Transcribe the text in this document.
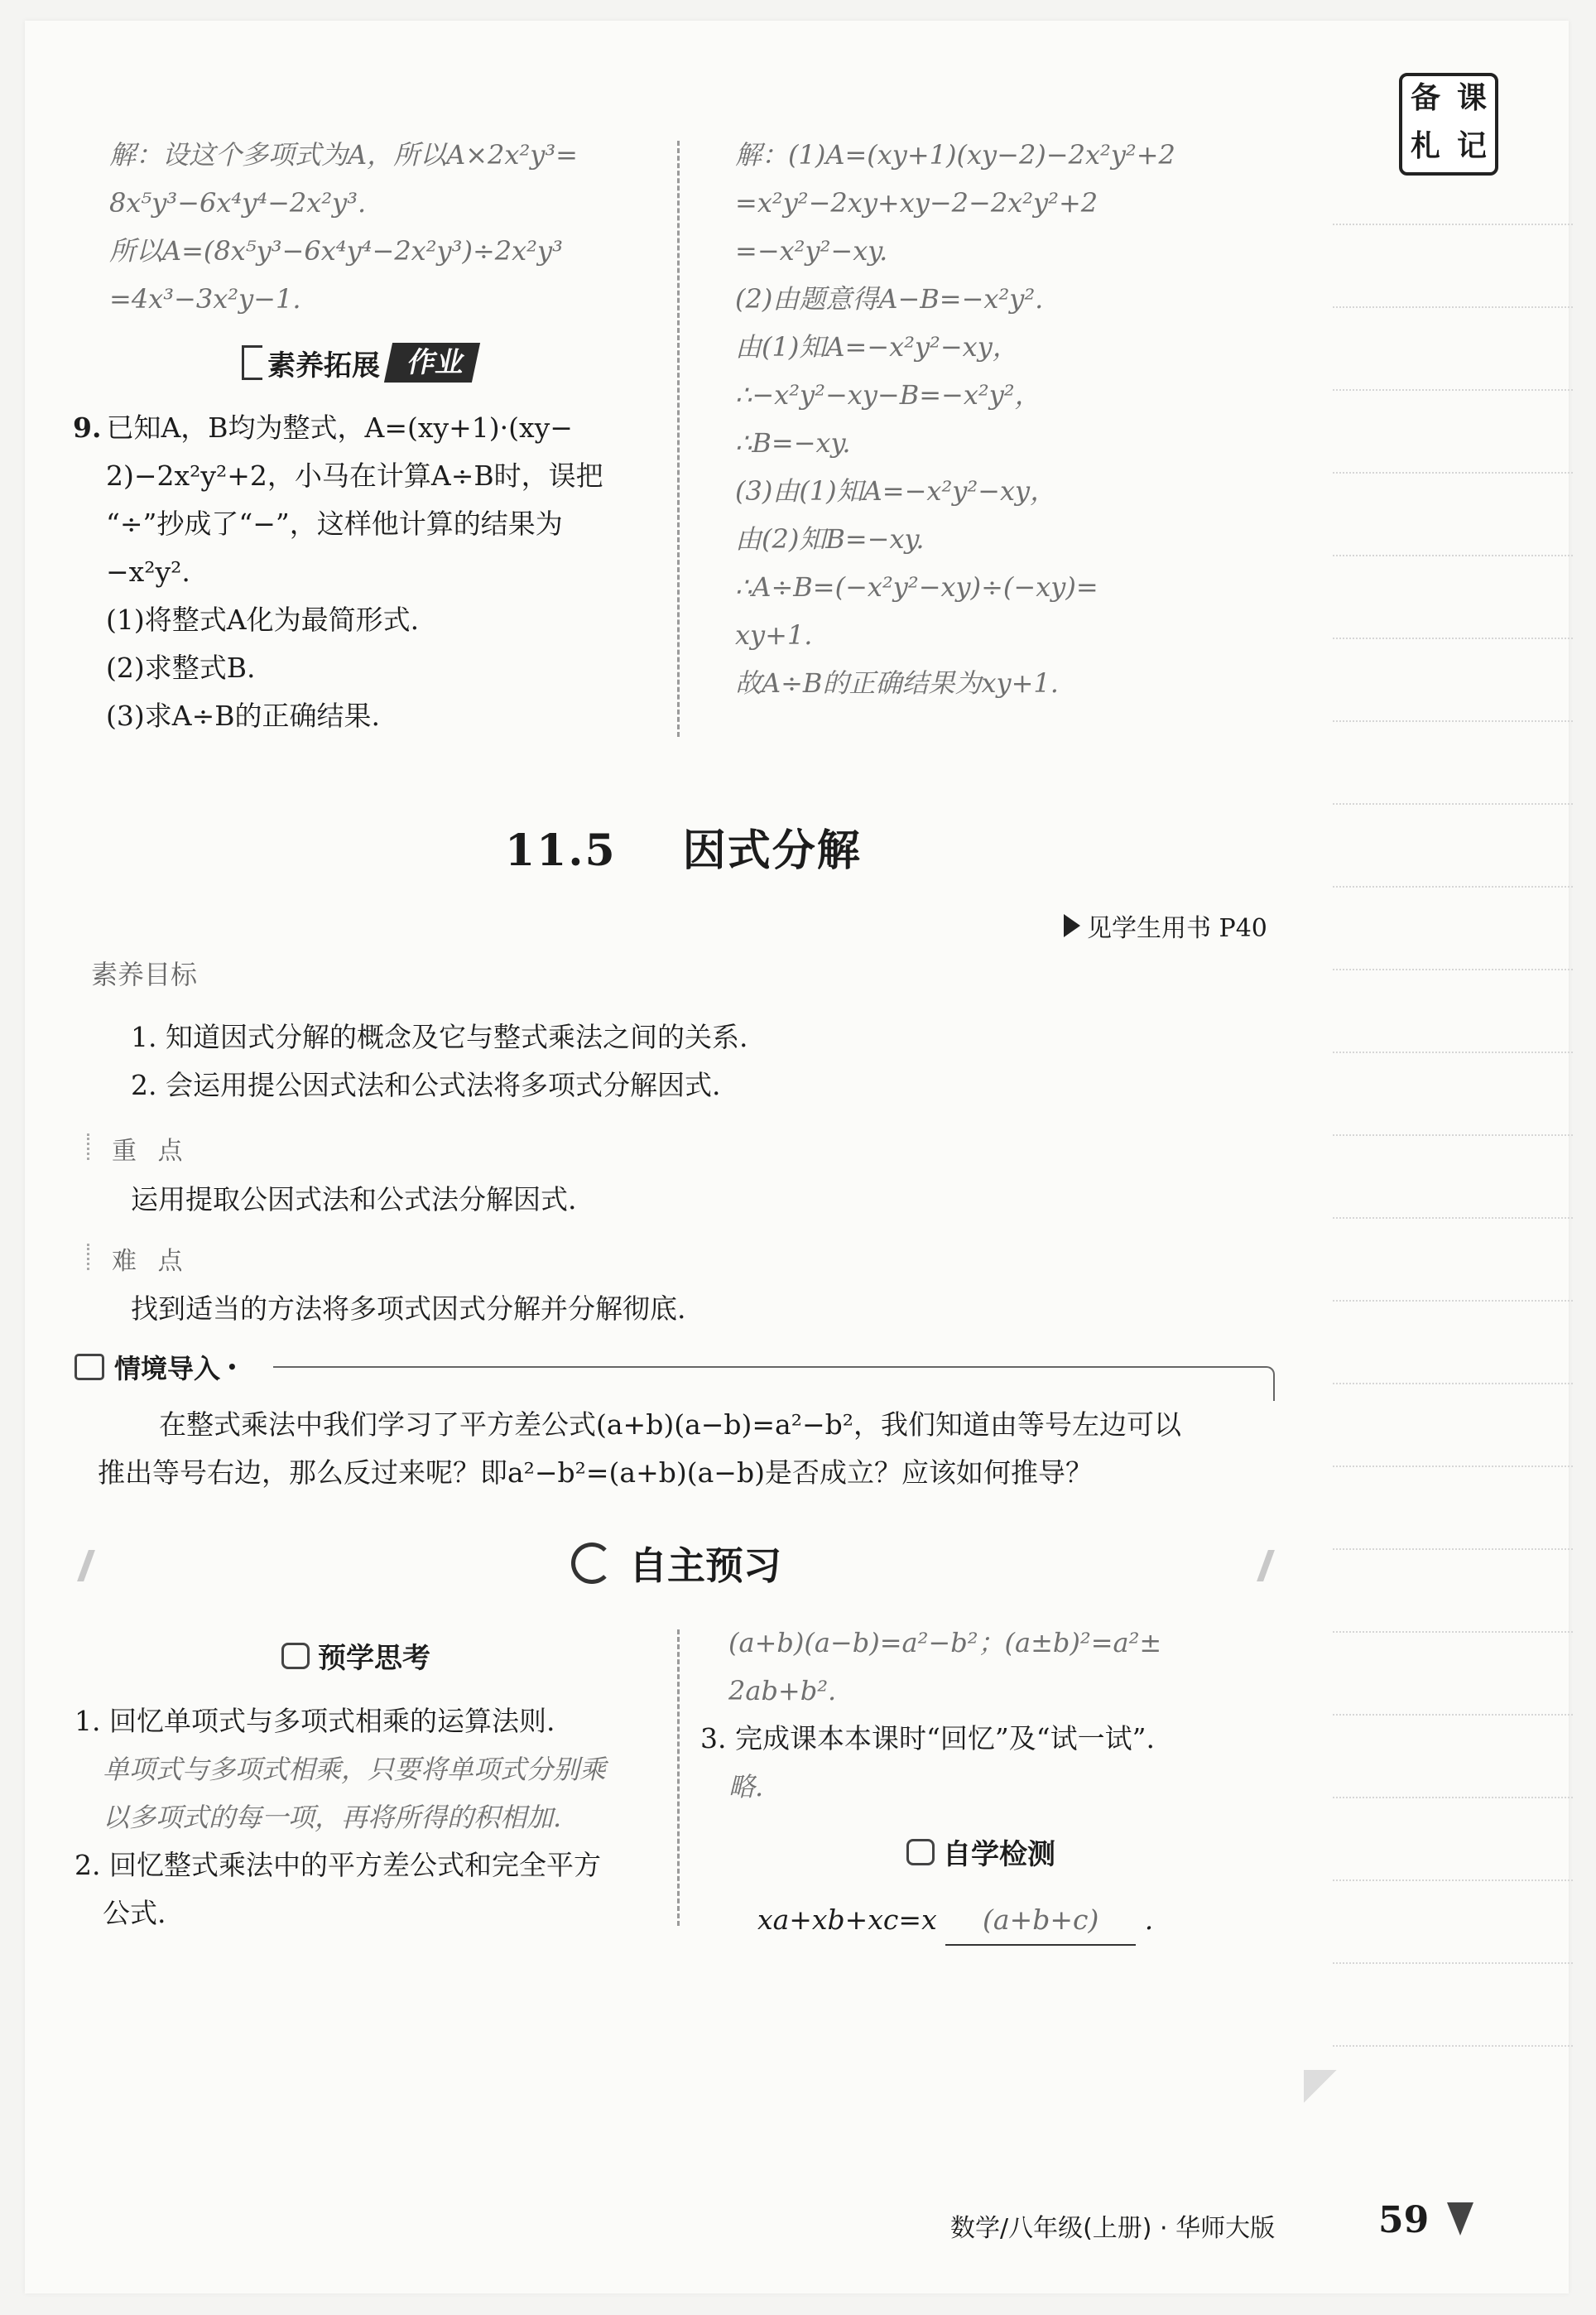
备 课
札 记
解：设这个多项式为A，所以A×2x²y³=
8x⁵y³−6x⁴y⁴−2x²y³.
所以A=(8x⁵y³−6x⁴y⁴−2x²y³)÷2x²y³
=4x³−3x²y−1.
素养拓展 作业
9. 已知A，B均为整式，A=(xy+1)·(xy−
2)−2x²y²+2，小马在计算A÷B时，误把
“÷”抄成了“−”，这样他计算的结果为
−x²y².
(1)将整式A化为最简形式.
(2)求整式B.
(3)求A÷B的正确结果.
解：(1)A=(xy+1)(xy−2)−2x²y²+2
=x²y²−2xy+xy−2−2x²y²+2
=−x²y²−xy.
(2)由题意得A−B=−x²y².
由(1)知A=−x²y²−xy，
∴−x²y²−xy−B=−x²y²，
∴B=−xy.
(3)由(1)知A=−x²y²−xy，
由(2)知B=−xy.
∴A÷B=(−x²y²−xy)÷(−xy)=
xy+1.
故A÷B的正确结果为xy+1.
11.5 因式分解
见学生用书 P40
素养目标
1. 知道因式分解的概念及它与整式乘法之间的关系.
2. 会运用提公因式法和公式法将多项式分解因式.
重 点
运用提取公因式法和公式法分解因式.
难 点
找到适当的方法将多项式因式分解并分解彻底.
情境导入 •
在整式乘法中我们学习了平方差公式(a+b)(a−b)=a²−b²，我们知道由等号左边可以
推出等号右边，那么反过来呢？即a²−b²=(a+b)(a−b)是否成立？应该如何推导？
自主预习
预学思考
1. 回忆单项式与多项式相乘的运算法则.
单项式与多项式相乘，只要将单项式分别乘
以多项式的每一项，再将所得的积相加.
2. 回忆整式乘法中的平方差公式和完全平方
公式.
(a+b)(a−b)=a²−b²；(a±b)²=a²±
2ab+b².
3. 完成课本本课时“回忆”及“试一试”.
略.
自学检测
xa+xb+xc=x (a+b+c) .
数学/八年级(上册) · 华师大版	59
